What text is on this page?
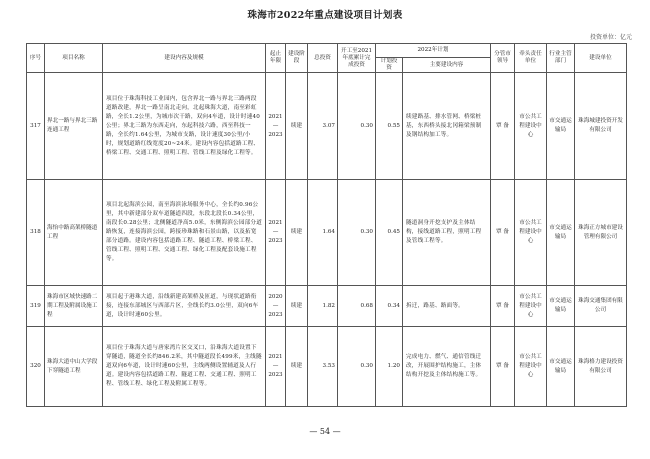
珠海市2022年重点建设项目计划表
投资单位：亿元
序号	项目名称	建设内容及规模	起止年限	建设阶段	总投资	开工至2021年底累计完成投资	2022年计划		分管市领导	牵头责任单位	行业主管部门	建设单位
							计划投资	主要建设内容				
317	界北一路与界北三路连通工程	项目位于珠海科技工业园内，包含界北一路与界北三路两段道路改建，界北一路呈南北走向，北起珠海大道，南至彩虹路，全长1.2公里，为城市次干路，双向4车道，设计时速40公里；界北三路为东西走向，东起科技六路，西至科技一路，全长约1.64公里，为城市支路，设计速度30公里/小时，规划道路红线宽度20~24米。建设内容包括道路工程、桥梁工程、交通工程、照明工程、管线工程及绿化工程等。	2021—2023	续建	3.07	0.30	0.55	续建路基、排水管网、桥梁桩基，东西桥头接北冈箱梁预制及钢结构加工等。	覃 备	市公共工程建设中心	市交通运输局	珠海城建投资开发有限公司
318	海怡中路高架桥隧道工程	项目北起海滨公园，南至海滨泳场服务中心，全长约0.96公里，其中新建部分双车道隧道四段，东段北段长0.34公里，南段长0.28公里；北侧隧道净高5.0米，东侧海滨公园部分道路恢复，连接海滨公园，跨接珍珠路和石景山路，以及拓宽部分道路。建设内容包括道路工程、隧道工程、桥梁工程、管线工程、照明工程、交通工程、绿化工程及配套设施工程等。	2021—2023	续建	1.64	0.30	0.45	隧道洞身开挖支护及主体结构，接线道路工程，照明工程及管线工程等。	覃 备	市公共工程建设中心	市交通运输局	珠海正方城市建设管理有限公司
319	珠海市区域快速路二期工程及附属设施工程	项目起于港珠大道，沿线新建高架桥及匝道，与现状道路衔接，连接东部城区与西部片区，全线长约3.0公里，双向6车道，设计时速60公里。	2020—2023	续建	1.82	0.68	0.34	拆迁，路基、路面等。	覃 备	市公共工程建设中心	市交通运输局	珠海交通集团有限公司
320	珠海大道中山大学段下穿隧道工程	项目位于珠海大道与唐家湾片区交叉口，沿珠海大道设置下穿隧道，隧道全长约846.2米，其中隧道段长499米，主线隧道双向6车道，设计时速60公里，主线两侧设置辅道及人行道。建设内容包括道路工程、隧道工程、交通工程、照明工程、管线工程、绿化工程及附属工程等。	2021—2023	续建	3.53	0.30	1.20	完成电力、燃气、通信管线迁改，开展围护结构施工，主体结构开挖及主体结构施工等。	覃 备	市公共工程建设中心	市交通运输局	珠海格力建设投资有限公司
— 54 —
